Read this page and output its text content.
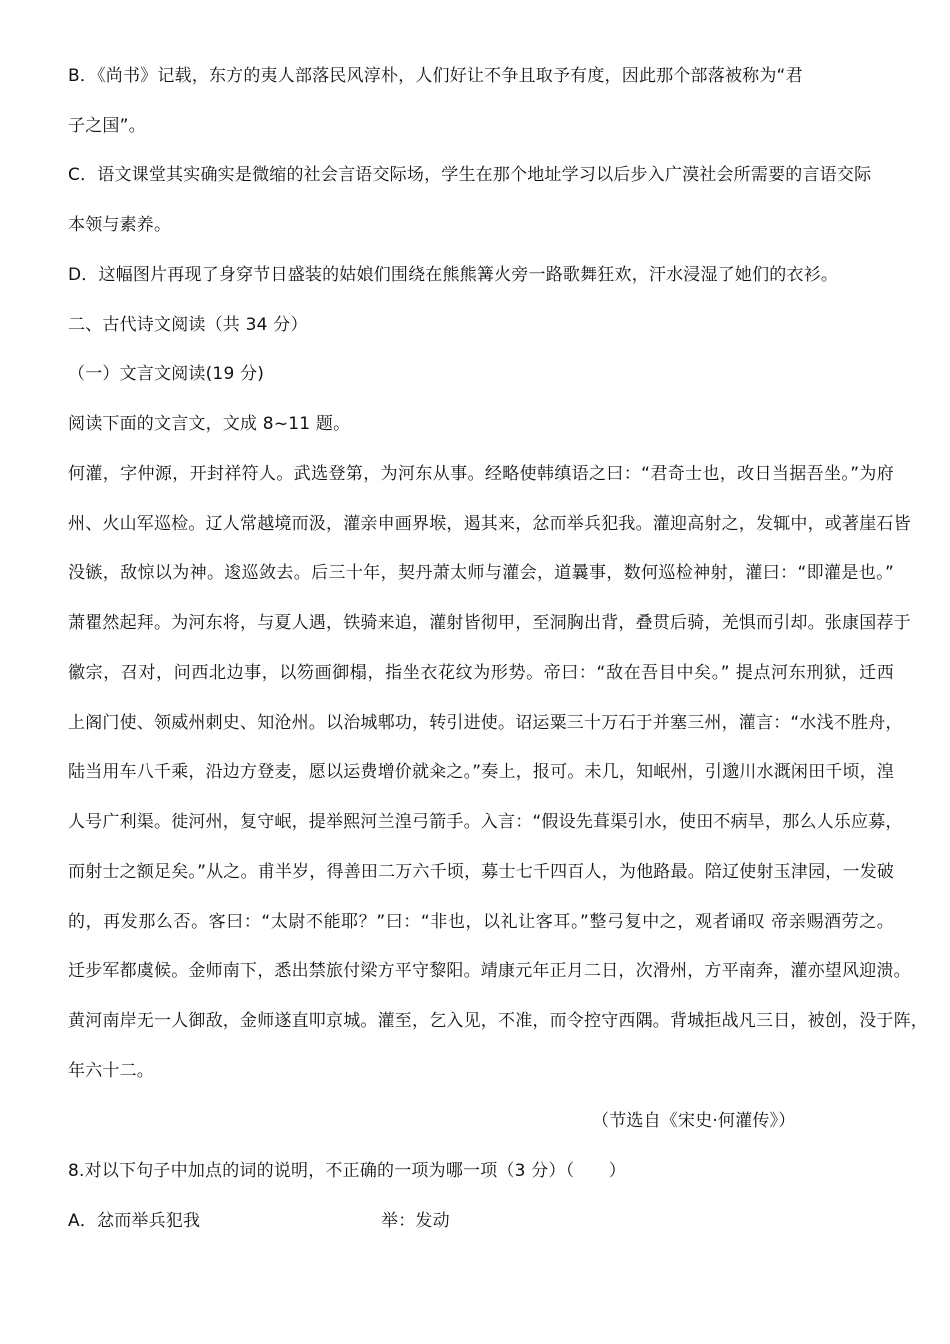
B．《尚书》记载，东方的夷人部落民风淳朴，人们好让不争且取予有度，因此那个部落被称为“君
子之国”。
C．语文课堂其实确实是微缩的社会言语交际场，学生在那个地址学习以后步入广漠社会所需要的言语交际
本领与素养。
D．这幅图片再现了身穿节日盛装的姑娘们围绕在熊熊篝火旁一路歌舞狂欢，汗水浸湿了她们的衣衫。
二、古代诗文阅读（共 34 分）
（一）文言文阅读(19 分)
阅读下面的文言文，文成 8~11 题。
何灌，字仲源，开封祥符人。武选登第，为河东从事。经略使韩缜语之曰：“君奇士也，改日当据吾坐。”为府
州、火山军巡检。辽人常越境而汲，灌亲申画界堠，遏其来，忿而举兵犯我。灌迎高射之，发辄中，或著崖石皆
没镞，敌惊以为神。逡巡敛去。后三十年，契丹萧太师与灌会，道曩事，数何巡检神射，灌曰：“即灌是也。”
萧瞿然起拜。为河东将，与夏人遇，铁骑来追，灌射皆彻甲，至洞胸出背，叠贯后骑，羌惧而引却。张康国荐于
徽宗，召对，问西北边事，以笏画御榻，指坐衣花纹为形势。帝曰：“敌在吾目中矣。” 提点河东刑狱，迁西
上阁门使、领威州刺史、知沧州。以治城郫功，转引进使。诏运粟三十万石于并塞三州，灌言：“水浅不胜舟，
陆当用车八千乘，沿边方登麦，愿以运费增价就籴之。”奏上，报可。未几，知岷州，引邈川水溉闲田千顷，湟
人号广利渠。徙河州，复守岷，提举熙河兰湟弓箭手。入言：“假设先葺渠引水，使田不病旱，那么人乐应募，
而射士之额足矣。”从之。甫半岁，得善田二万六千顷，募士七千四百人，为他路最。陪辽使射玉津园，一发破
的，再发那么否。客曰：“太尉不能耶？”曰：“非也，以礼让客耳。”整弓复中之，观者诵叹 帝亲赐酒劳之。
迁步军都虞候。金师南下，悉出禁旅付梁方平守黎阳。靖康元年正月二日，次滑州，方平南奔，灌亦望风迎溃。
黄河南岸无一人御敌，金师遂直叩京城。灌至，乞入见，不准，而令控守西隅。背城拒战凡三日，被创，没于阵，
年六十二。
（节选自《宋史·何灌传》）
8.对以下句子中加点的词的说明，不正确的一项为哪一项（3 分）（　　）
A．忿而举兵犯我	举：发动
